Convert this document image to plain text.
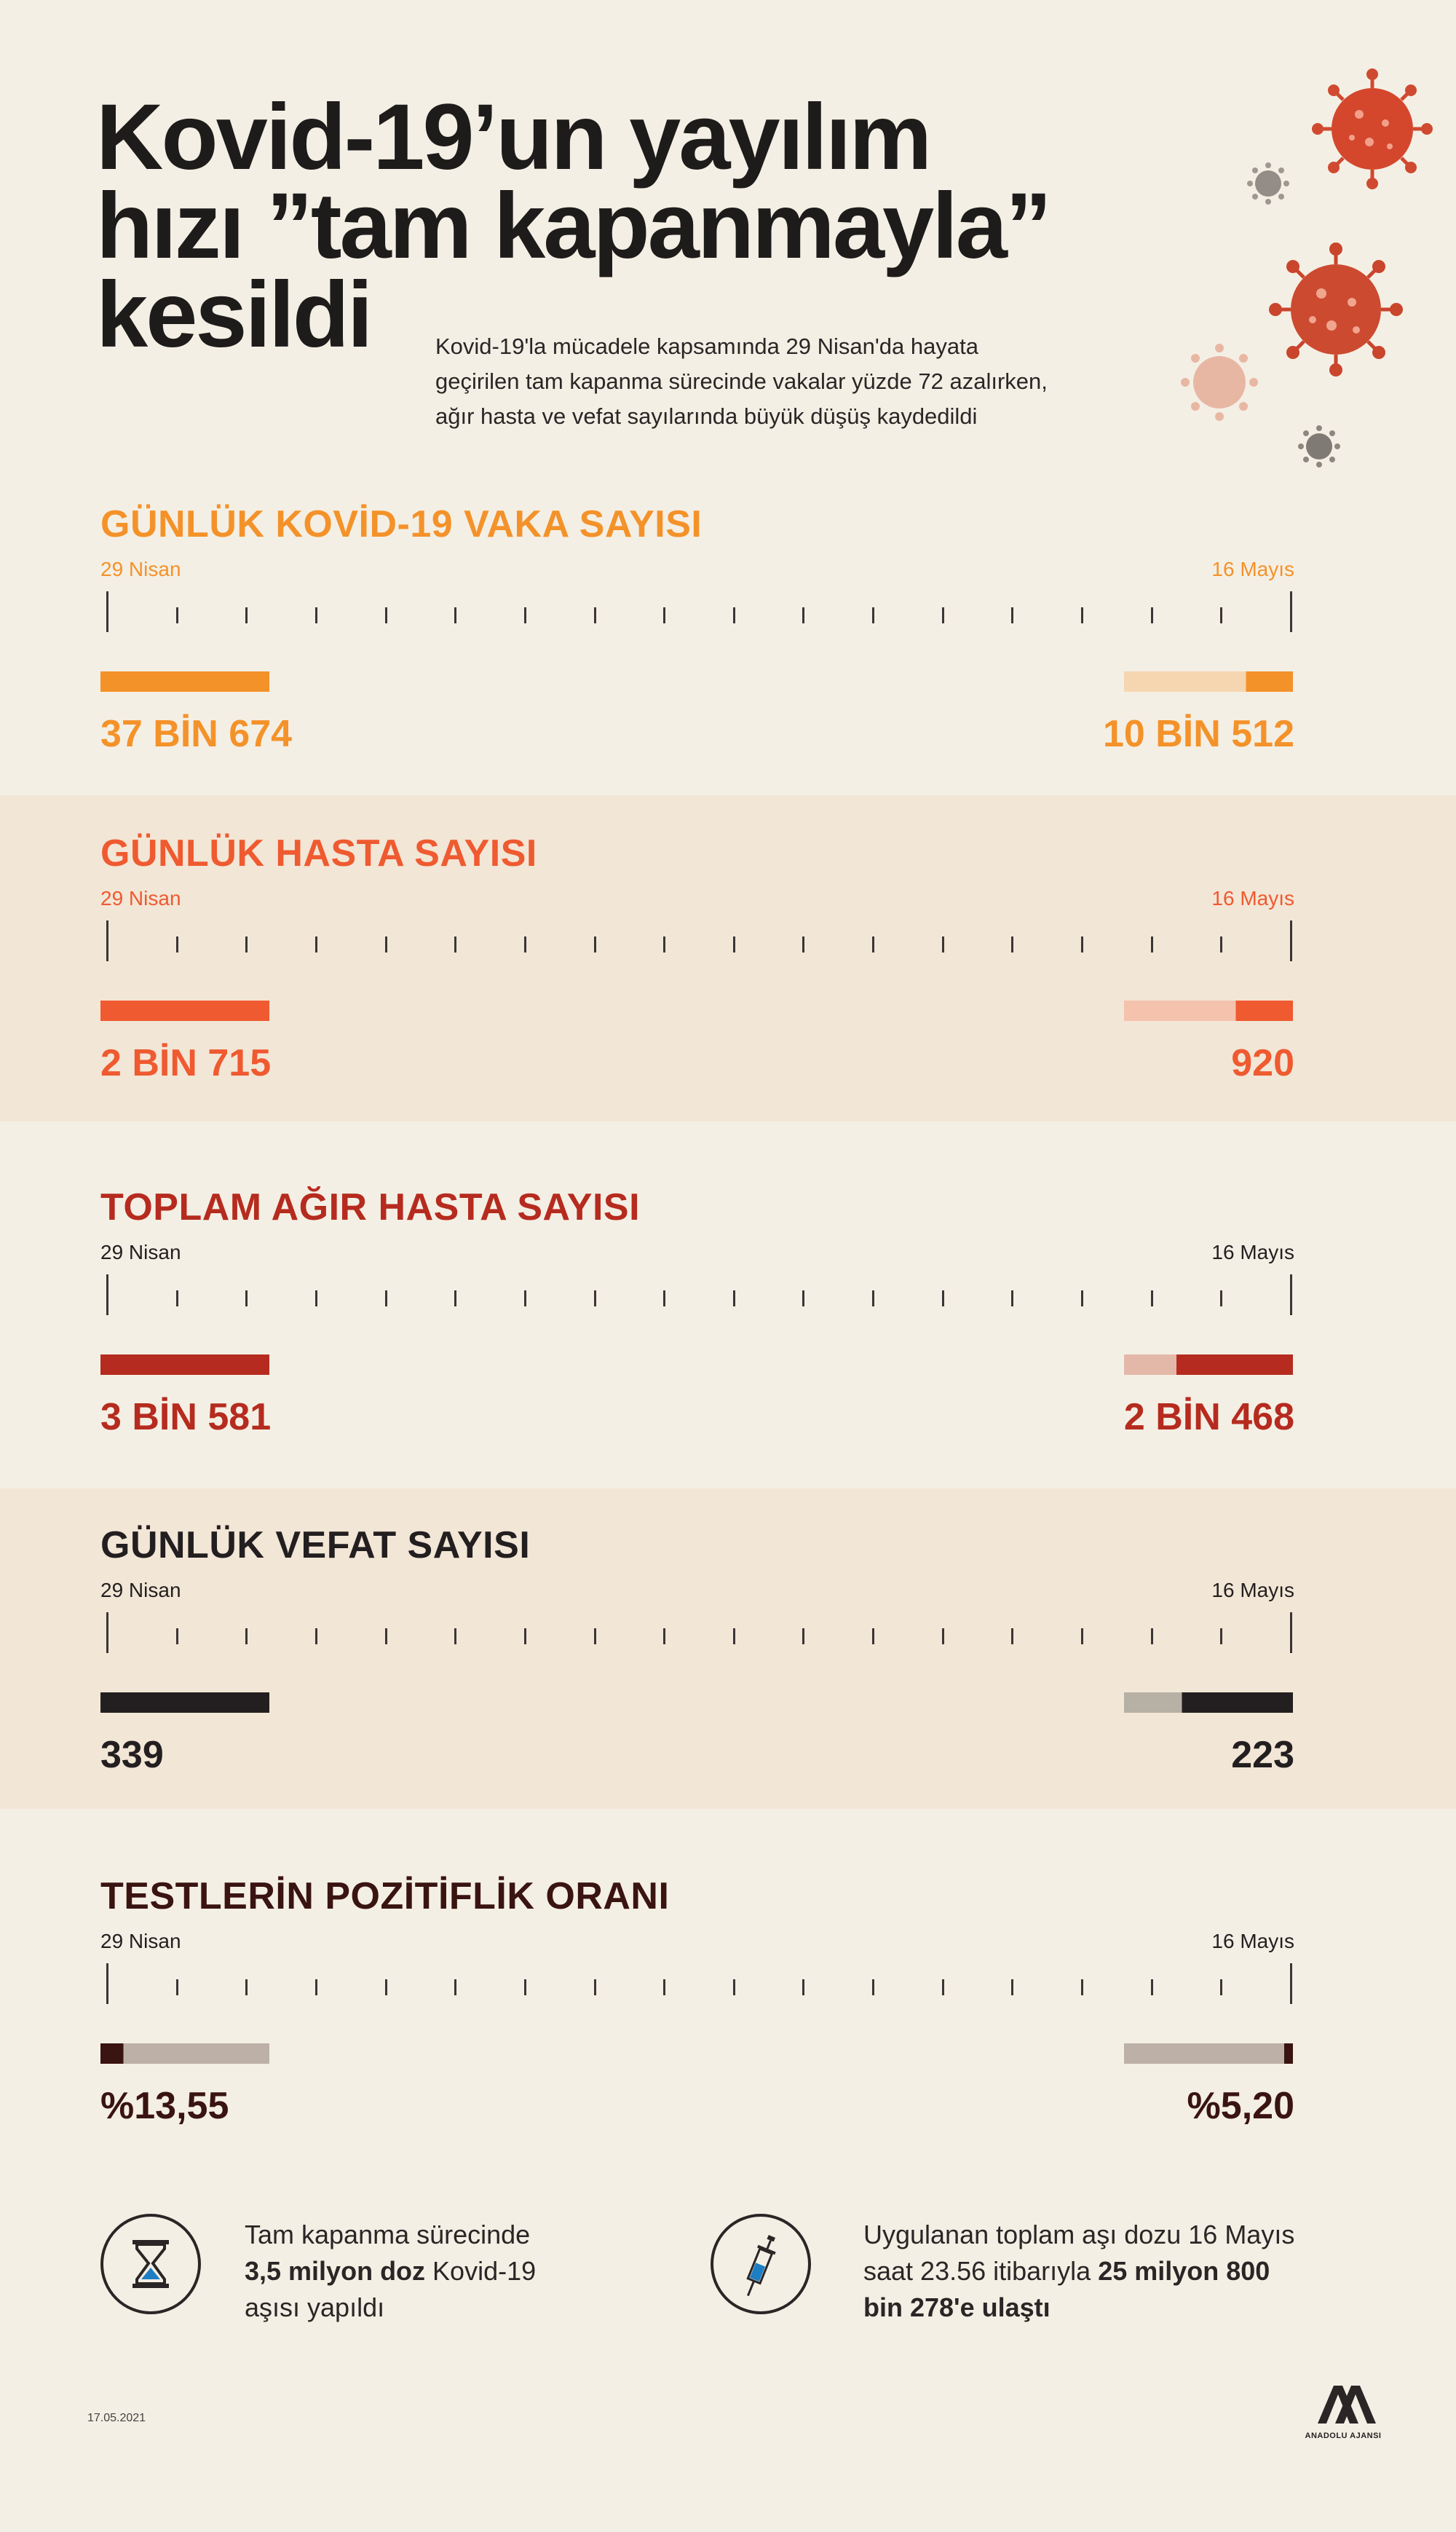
Kovid-19’un yayılım
hızı ”tam kapanmayla”
kesildi	Kovid-19'la mücadele kapsamında 29 Nisan'da hayata
geçirilen tam kapanma sürecinde vakalar yüzde 72 azalırken,
ağır hasta ve vefat sayılarında büyük düşüş kaydedildi

GÜNLÜK KOVİD-19 VAKA SAYISI
29 Nisan	16 Mayıs
37 BİN 674	10 BİN 512
GÜNLÜK HASTA SAYISI
29 Nisan	16 Mayıs
2 BİN 715	920
TOPLAM AĞIR HASTA SAYISI
29 Nisan	16 Mayıs
3 BİN 581	2 BİN 468
GÜNLÜK VEFAT SAYISI
29 Nisan	16 Mayıs
339	223
TESTLERİN POZİTİFLİK ORANI
29 Nisan	16 Mayıs
%13,55	%5,20
Tam kapanma sürecinde
3,5 milyon doz Kovid-19
aşısı yapıldı
Uygulanan toplam aşı dozu 16 Mayıs
saat 23.56 itibarıyla 25 milyon 800
bin 278'e ulaştı
17.05.2021
ANADOLU AJANSI
